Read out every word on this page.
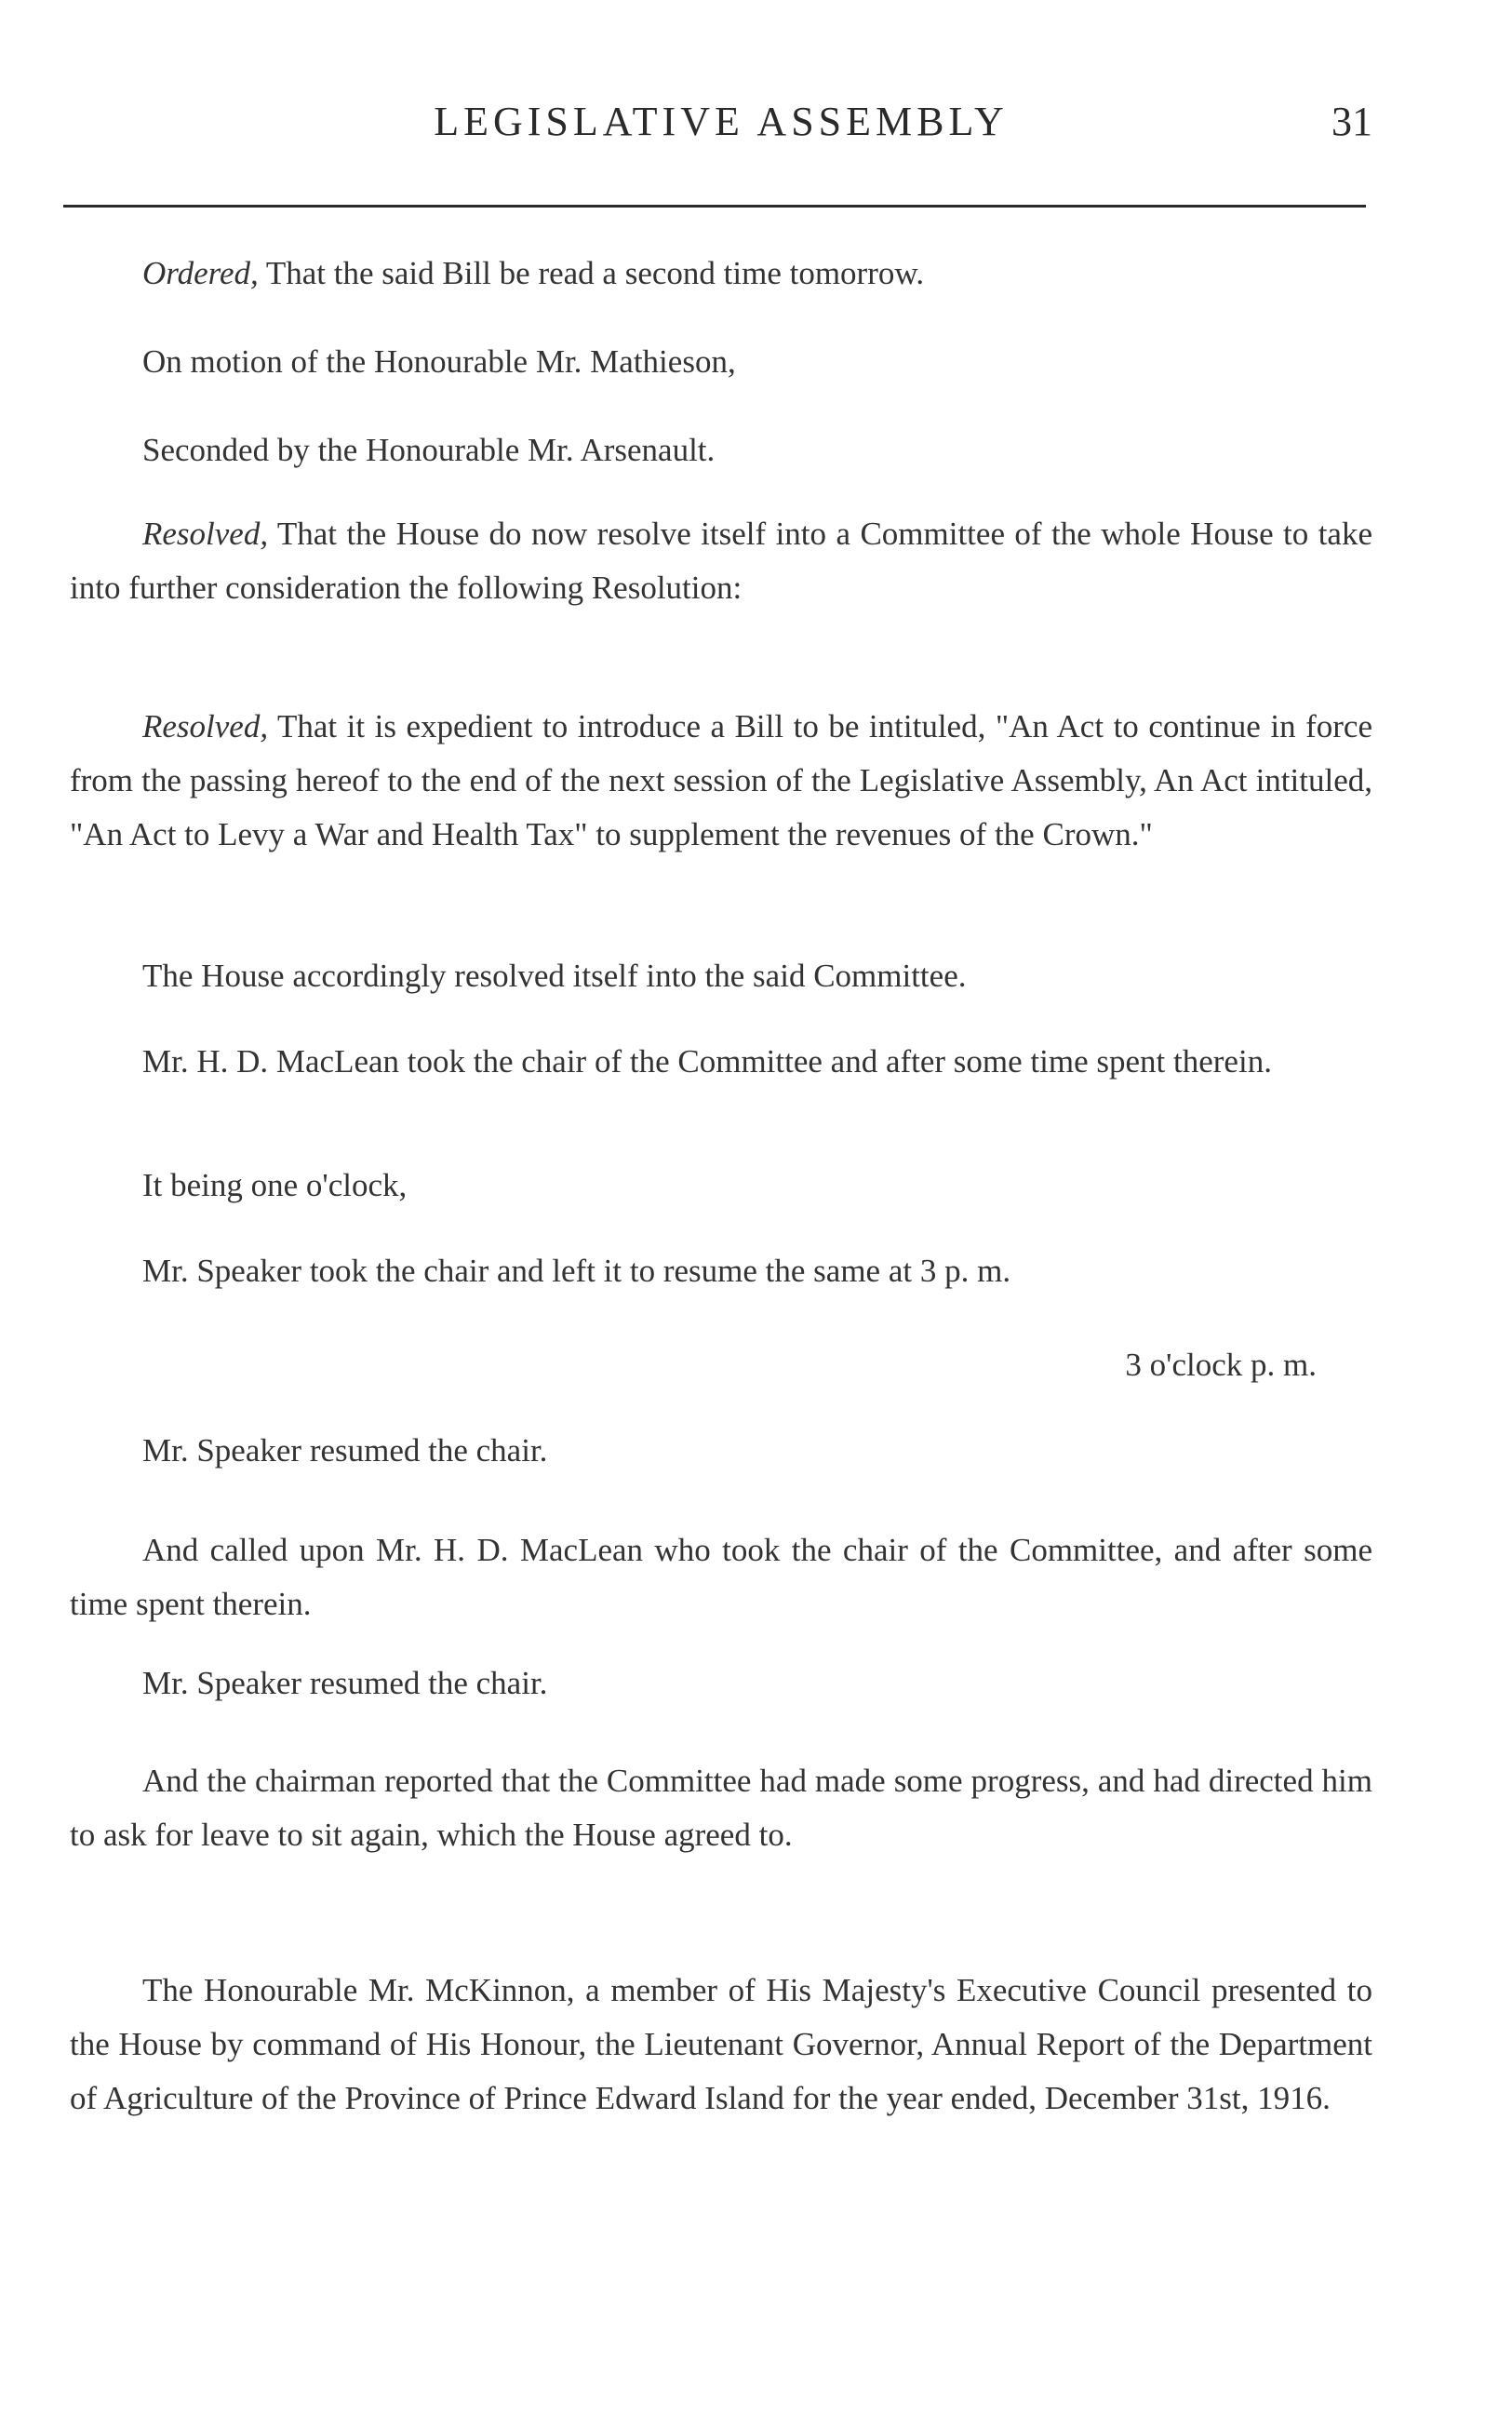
LEGISLATIVE ASSEMBLY	31

Ordered, That the said Bill be read a second time tomorrow.

On motion of the Honourable Mr. Mathieson,

Seconded by the Honourable Mr. Arsenault.

Resolved, That the House do now resolve itself into a Committee of the whole House to take into further consideration the following Resolution:

Resolved, That it is expedient to introduce a Bill to be intituled, "An Act to continue in force from the passing hereof to the end of the next session of the Legislative Assembly, An Act intituled, "An Act to Levy a War and Health Tax" to supplement the revenues of the Crown."

The House accordingly resolved itself into the said Committee.

Mr. H. D. MacLean took the chair of the Committee and after some time spent therein.

It being one o'clock,

Mr. Speaker took the chair and left it to resume the same at 3 p. m.

3 o'clock p. m.

Mr. Speaker resumed the chair.

And called upon Mr. H. D. MacLean who took the chair of the Committee, and after some time spent therein.

Mr. Speaker resumed the chair.

And the chairman reported that the Committee had made some progress, and had directed him to ask for leave to sit again, which the House agreed to.

The Honourable Mr. McKinnon, a member of His Majesty's Executive Council presented to the House by command of His Honour, the Lieutenant Governor, Annual Report of the Department of Agriculture of the Province of Prince Edward Island for the year ended, December 31st, 1916.
